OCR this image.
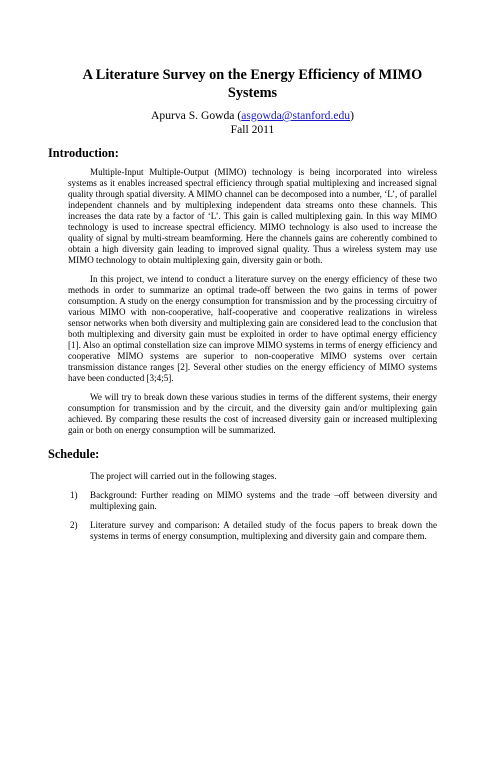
A Literature Survey on the Energy Efficiency of MIMO Systems
Apurva S. Gowda (asgowda@stanford.edu)
Fall 2011
Introduction:

Multiple-Input Multiple-Output (MIMO) technology is being incorporated into wireless systems as it enables increased spectral efficiency through spatial multiplexing and increased signal quality through spatial diversity. A MIMO channel can be decomposed into a number, ‘L’, of parallel independent channels and by multiplexing independent data streams onto these channels. This increases the data rate by a factor of ‘L’. This gain is called multiplexing gain. In this way MIMO technology is used to increase spectral efficiency. MIMO technology is also used to increase the quality of signal by multi-stream beamforming. Here the channels gains are coherently combined to obtain a high diversity gain leading to improved signal quality. Thus a wireless system may use MIMO technology to obtain multiplexing gain, diversity gain or both.

In this project, we intend to conduct a literature survey on the energy efficiency of these two methods in order to summarize an optimal trade-off between the two gains in terms of power consumption. A study on the energy consumption for transmission and by the processing circuitry of various MIMO with non-cooperative, half-cooperative and cooperative realizations in wireless sensor networks when both diversity and multiplexing gain are considered lead to the conclusion that both multiplexing and diversity gain must be exploited in order to have optimal energy efficiency [1]. Also an optimal constellation size can improve MIMO systems in terms of energy efficiency and cooperative MIMO systems are superior to non-cooperative MIMO systems over certain transmission distance ranges [2]. Several other studies on the energy efficiency of MIMO systems have been conducted [3;4;5].

We will try to break down these various studies in terms of the different systems, their energy consumption for transmission and by the circuit, and the diversity gain and/or multiplexing gain achieved. By comparing these results the cost of increased diversity gain or increased multiplexing gain or both on energy consumption will be summarized.

Schedule:
The project will carried out in the following stages.
1) Background: Further reading on MIMO systems and the trade –off between diversity and multiplexing gain.
2) Literature survey and comparison: A detailed study of the focus papers to break down the systems in terms of energy consumption, multiplexing and diversity gain and compare them.
